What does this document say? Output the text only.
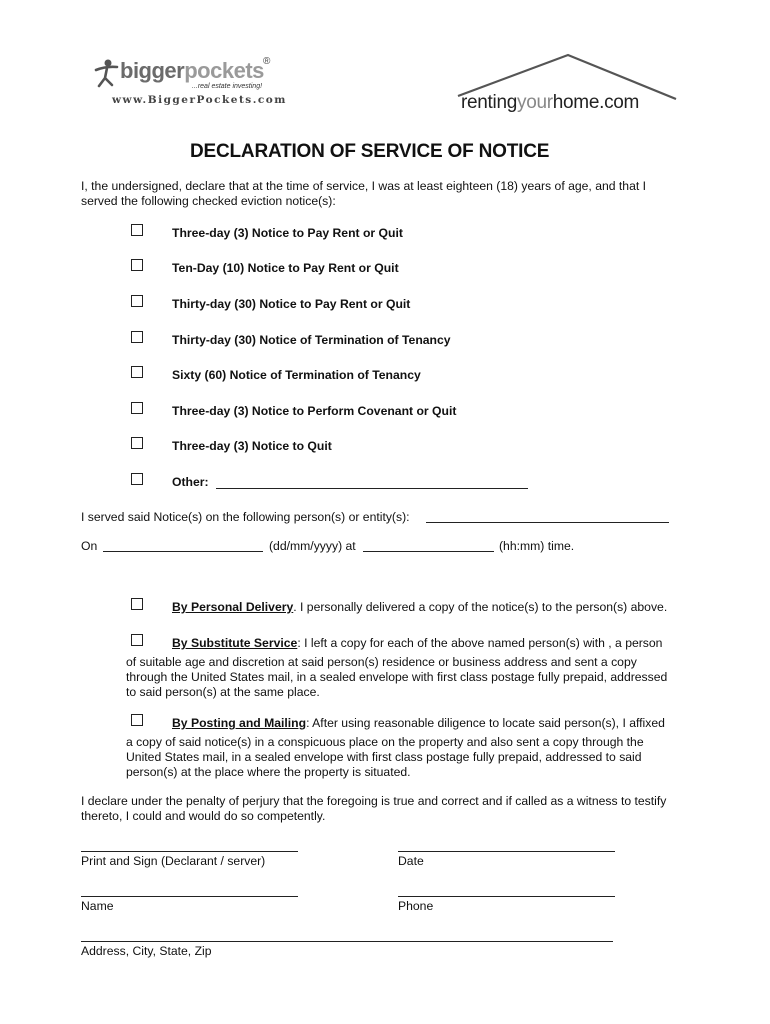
biggerpockets ®
...real estate investing!
www.BiggerPockets.com	rentingyourhome.com
DECLARATION OF SERVICE OF NOTICE
I, the undersigned, declare that at the time of service, I was at least eighteen (18) years of age, and that I
served the following checked eviction notice(s):
Three-day (3) Notice to Pay Rent or Quit
Ten-Day (10) Notice to Pay Rent or Quit
Thirty-day (30) Notice to Pay Rent or Quit
Thirty-day (30) Notice of Termination of Tenancy
Sixty (60) Notice of Termination of Tenancy
Three-day (3) Notice to Perform Covenant or Quit
Three-day (3) Notice to Quit
Other:
I served said Notice(s) on the following person(s) or entity(s):
On	(dd/mm/yyyy) at	(hh:mm) time.
By Personal Delivery. I personally delivered a copy of the notice(s) to the person(s) above.
By Substitute Service: I left a copy for each of the above named person(s) with , a person
of suitable age and discretion at said person(s) residence or business address and sent a copy
through the United States mail, in a sealed envelope with first class postage fully prepaid, addressed
to said person(s) at the same place.
By Posting and Mailing: After using reasonable diligence to locate said person(s), I affixed
a copy of said notice(s) in a conspicuous place on the property and also sent a copy through the
United States mail, in a sealed envelope with first class postage fully prepaid, addressed to said
person(s) at the place where the property is situated.
I declare under the penalty of perjury that the foregoing is true and correct and if called as a witness to testify
thereto, I could and would do so competently.
Print and Sign (Declarant / server)	Date
Name	Phone
Address, City, State, Zip
